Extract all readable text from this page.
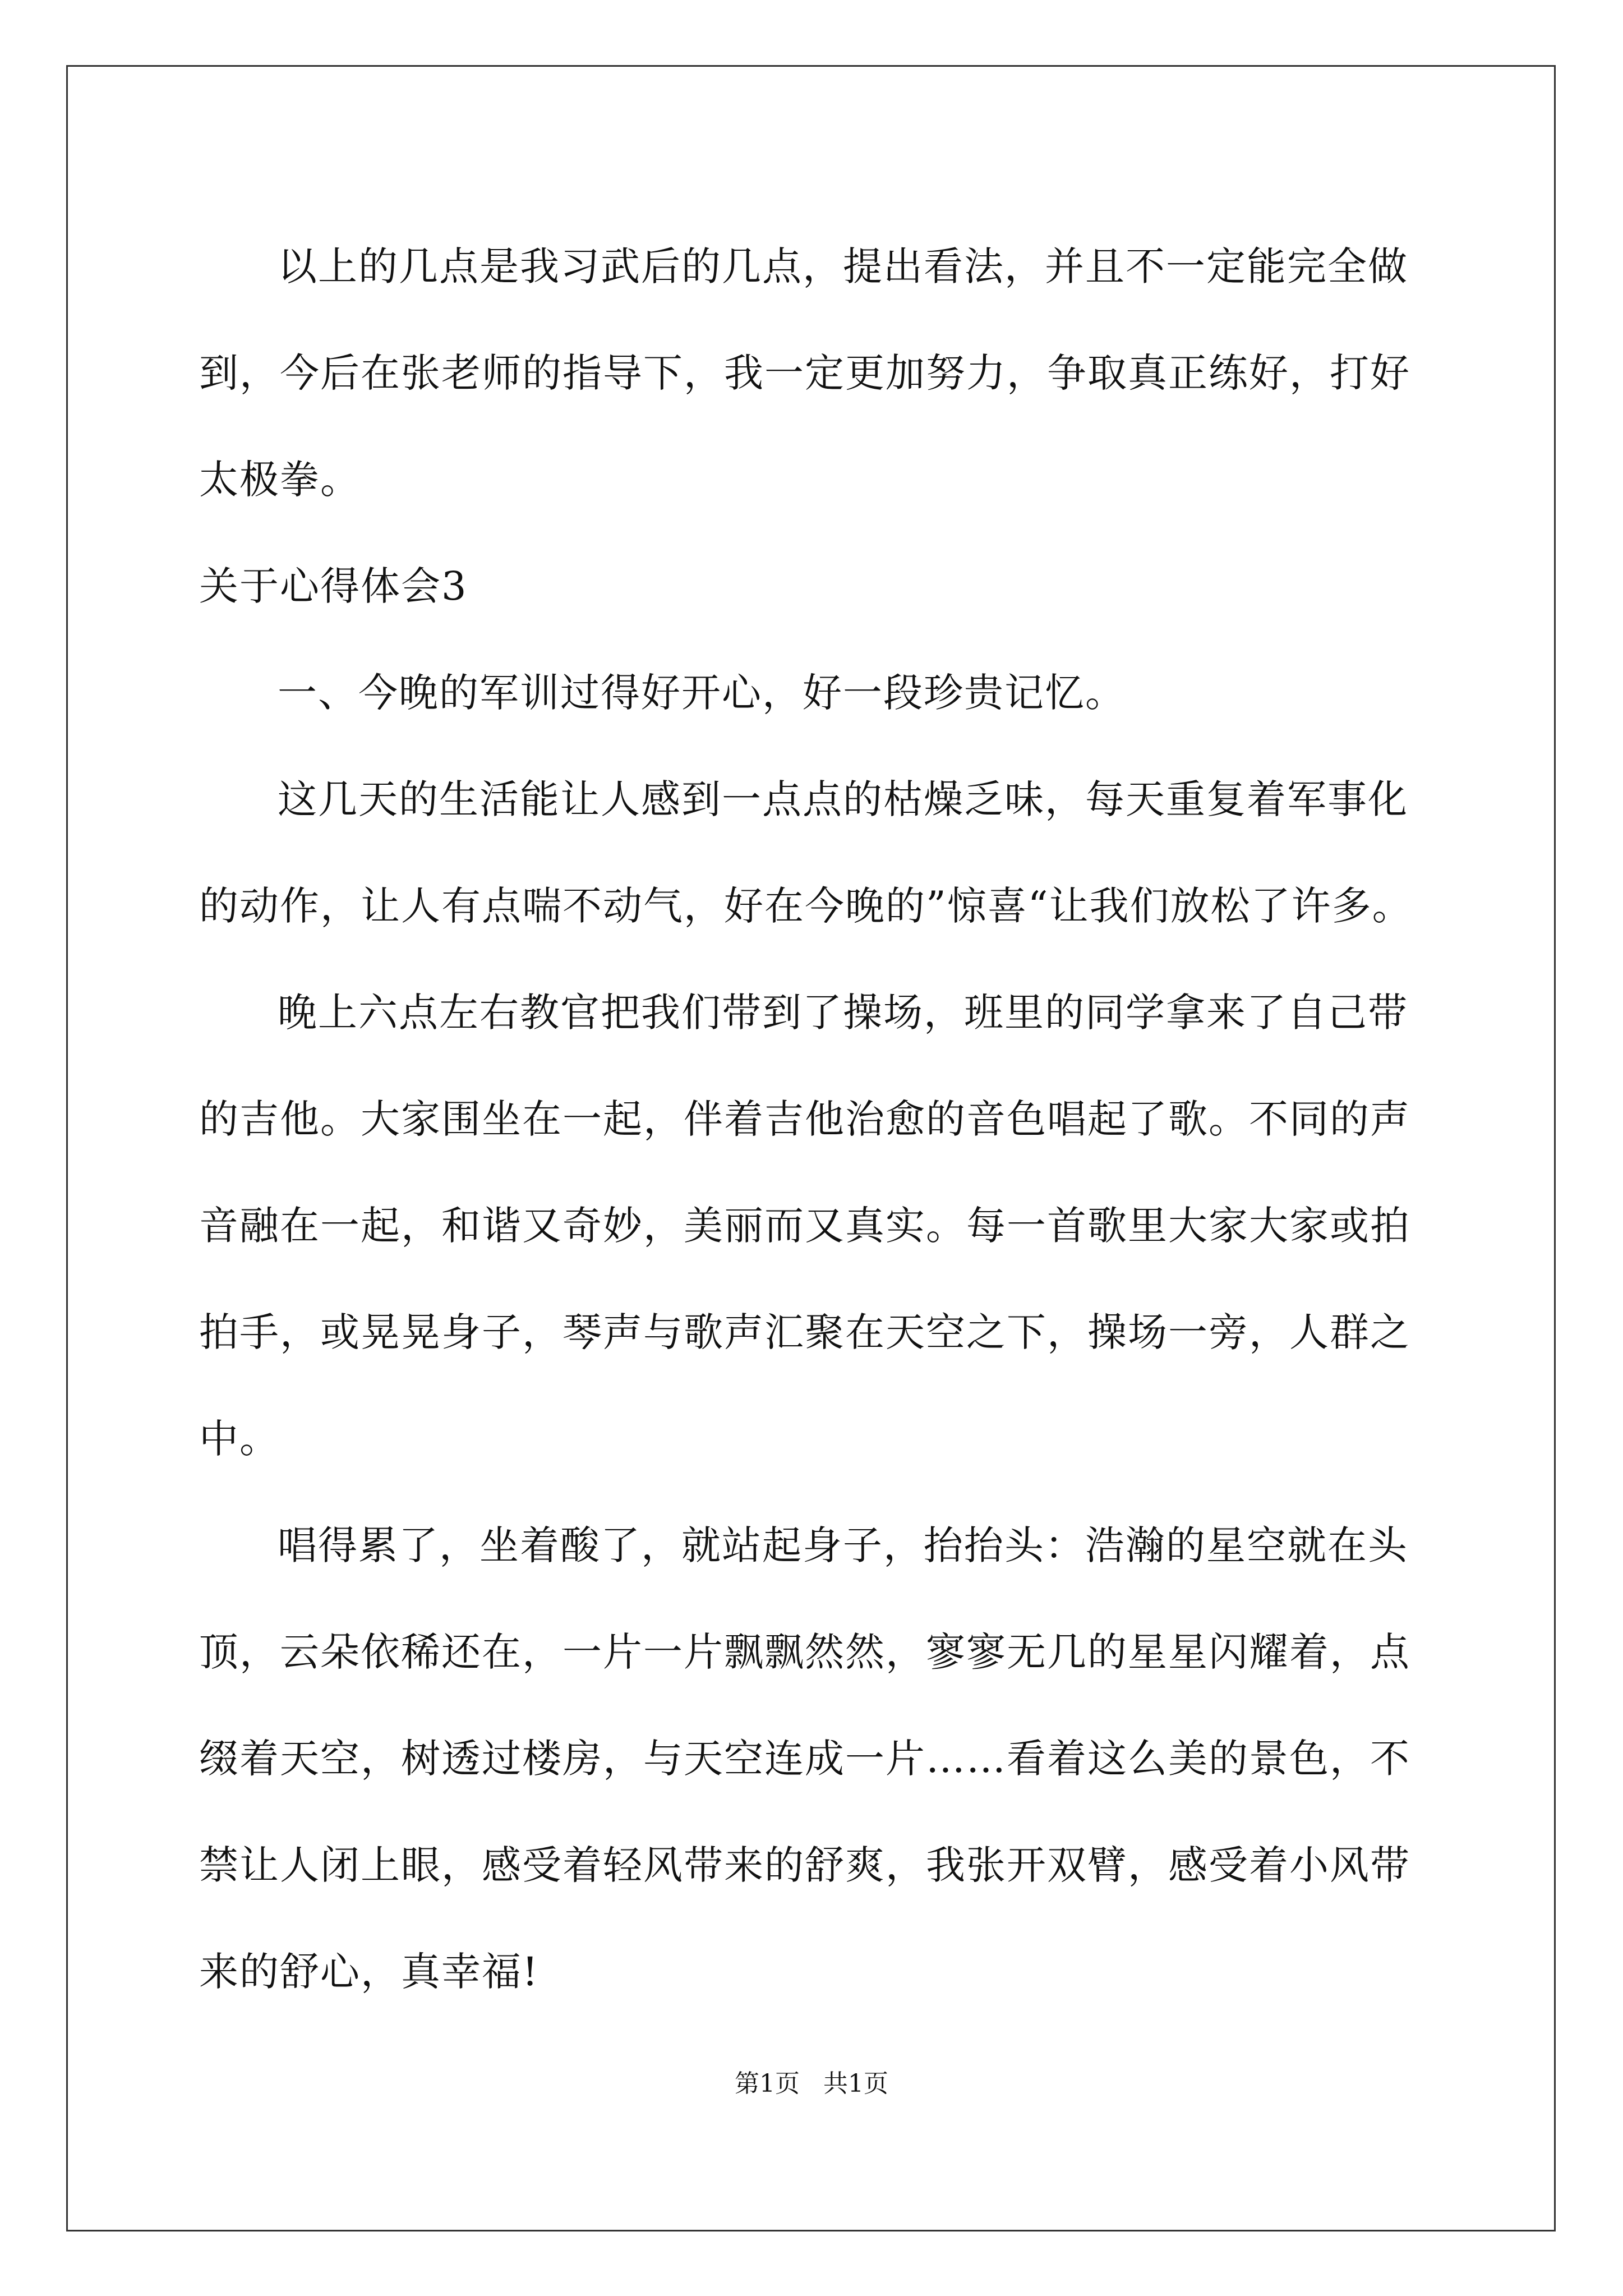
以上的几点是我习武后的几点，提出看法，并且不一定能完全做
到，今后在张老师的指导下，我一定更加努力，争取真正练好，打好
太极拳。
关于心得体会3
一、今晚的军训过得好开心，好一段珍贵记忆。
这几天的生活能让人感到一点点的枯燥乏味，每天重复着军事化
的动作，让人有点喘不动气，好在今晚的”惊喜“让我们放松了许多。
晚上六点左右教官把我们带到了操场，班里的同学拿来了自己带
的吉他。大家围坐在一起，伴着吉他治愈的音色唱起了歌。不同的声
音融在一起，和谐又奇妙，美丽而又真实。每一首歌里大家大家或拍
拍手，或晃晃身子，琴声与歌声汇聚在天空之下，操场一旁，人群之
中。
唱得累了，坐着酸了，就站起身子，抬抬头：浩瀚的星空就在头
顶，云朵依稀还在，一片一片飘飘然然，寥寥无几的星星闪耀着，点
缀着天空，树透过楼房，与天空连成一片……看着这么美的景色，不
禁让人闭上眼，感受着轻风带来的舒爽，我张开双臂，感受着小风带
来的舒心，真幸福!
第1页   共1页
